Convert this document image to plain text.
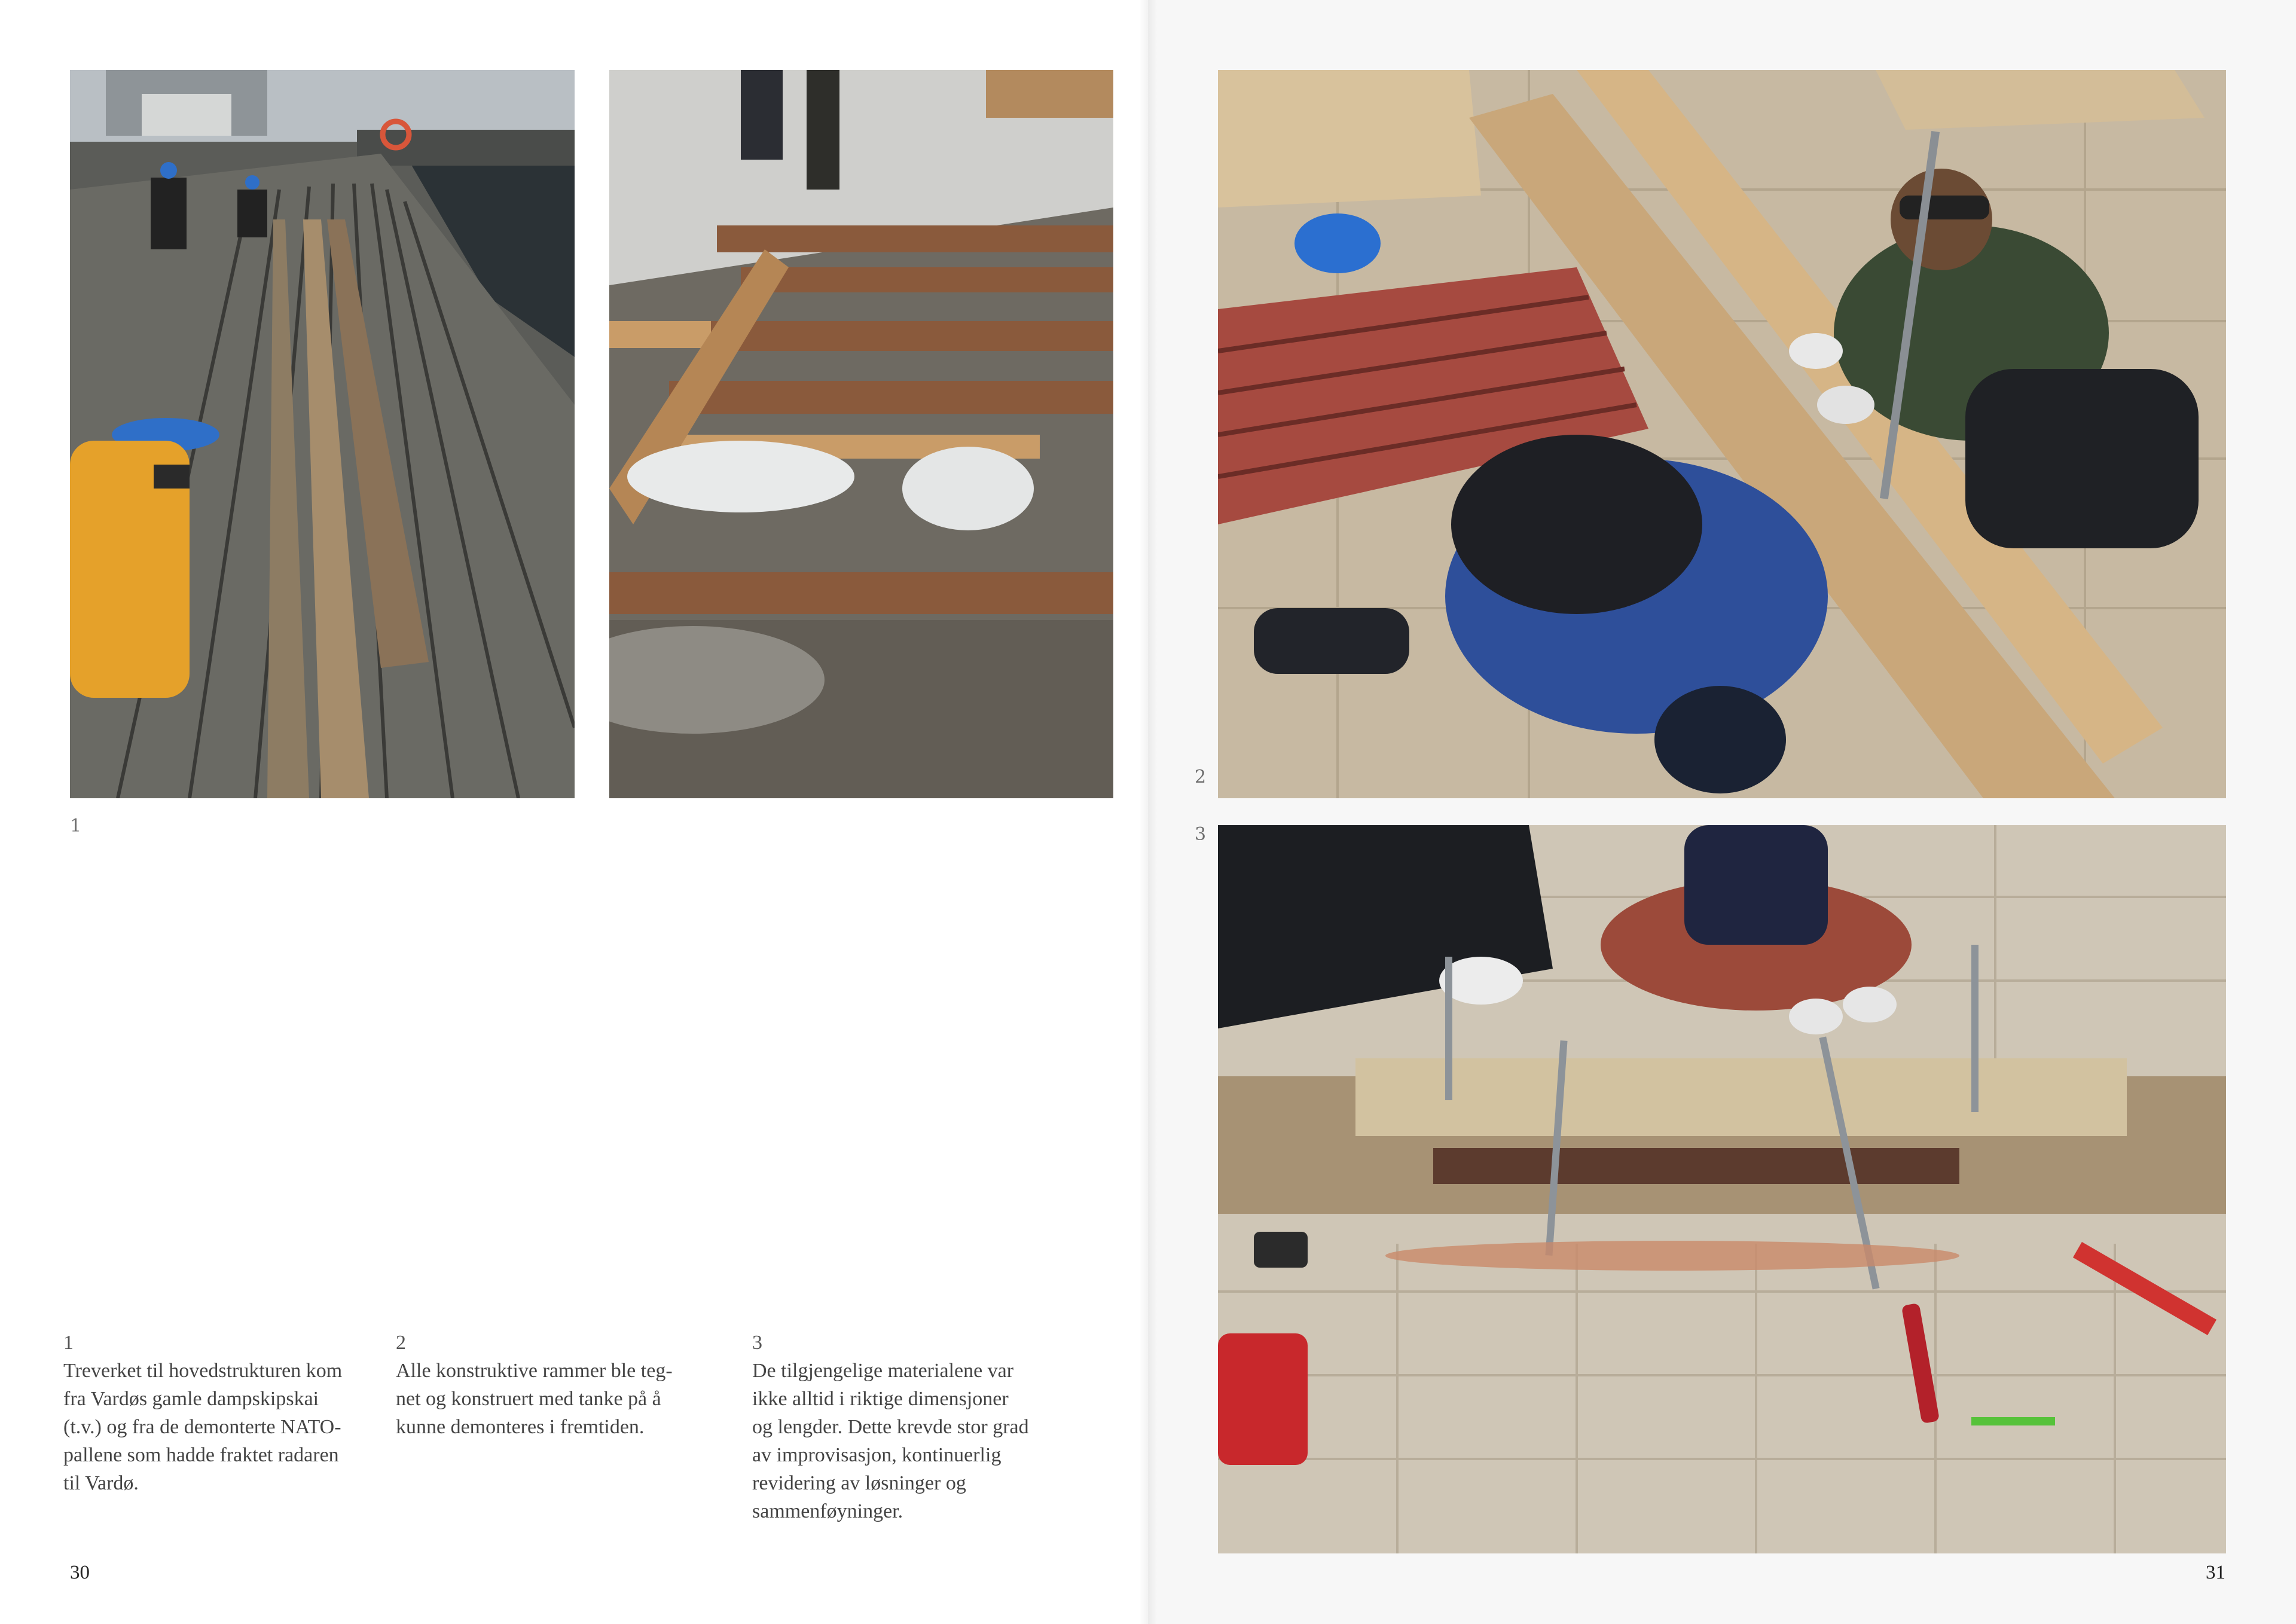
1
1
Treverket til hovedstrukturen kom
fra Vardøs gamle dampskipskai
(t.v.) og fra de demonterte NATO-
pallene som hadde fraktet radaren
til Vardø.
2
Alle konstruktive rammer ble teg-
net og konstruert med tanke på å
kunne demonteres i fremtiden.
3
De tilgjengelige materialene var
ikke alltid i riktige dimensjoner
og lengder. Dette krevde stor grad
av improvisasjon, kontinuerlig
revidering av løsninger og
sammenføyninger.
30
2
3
31
